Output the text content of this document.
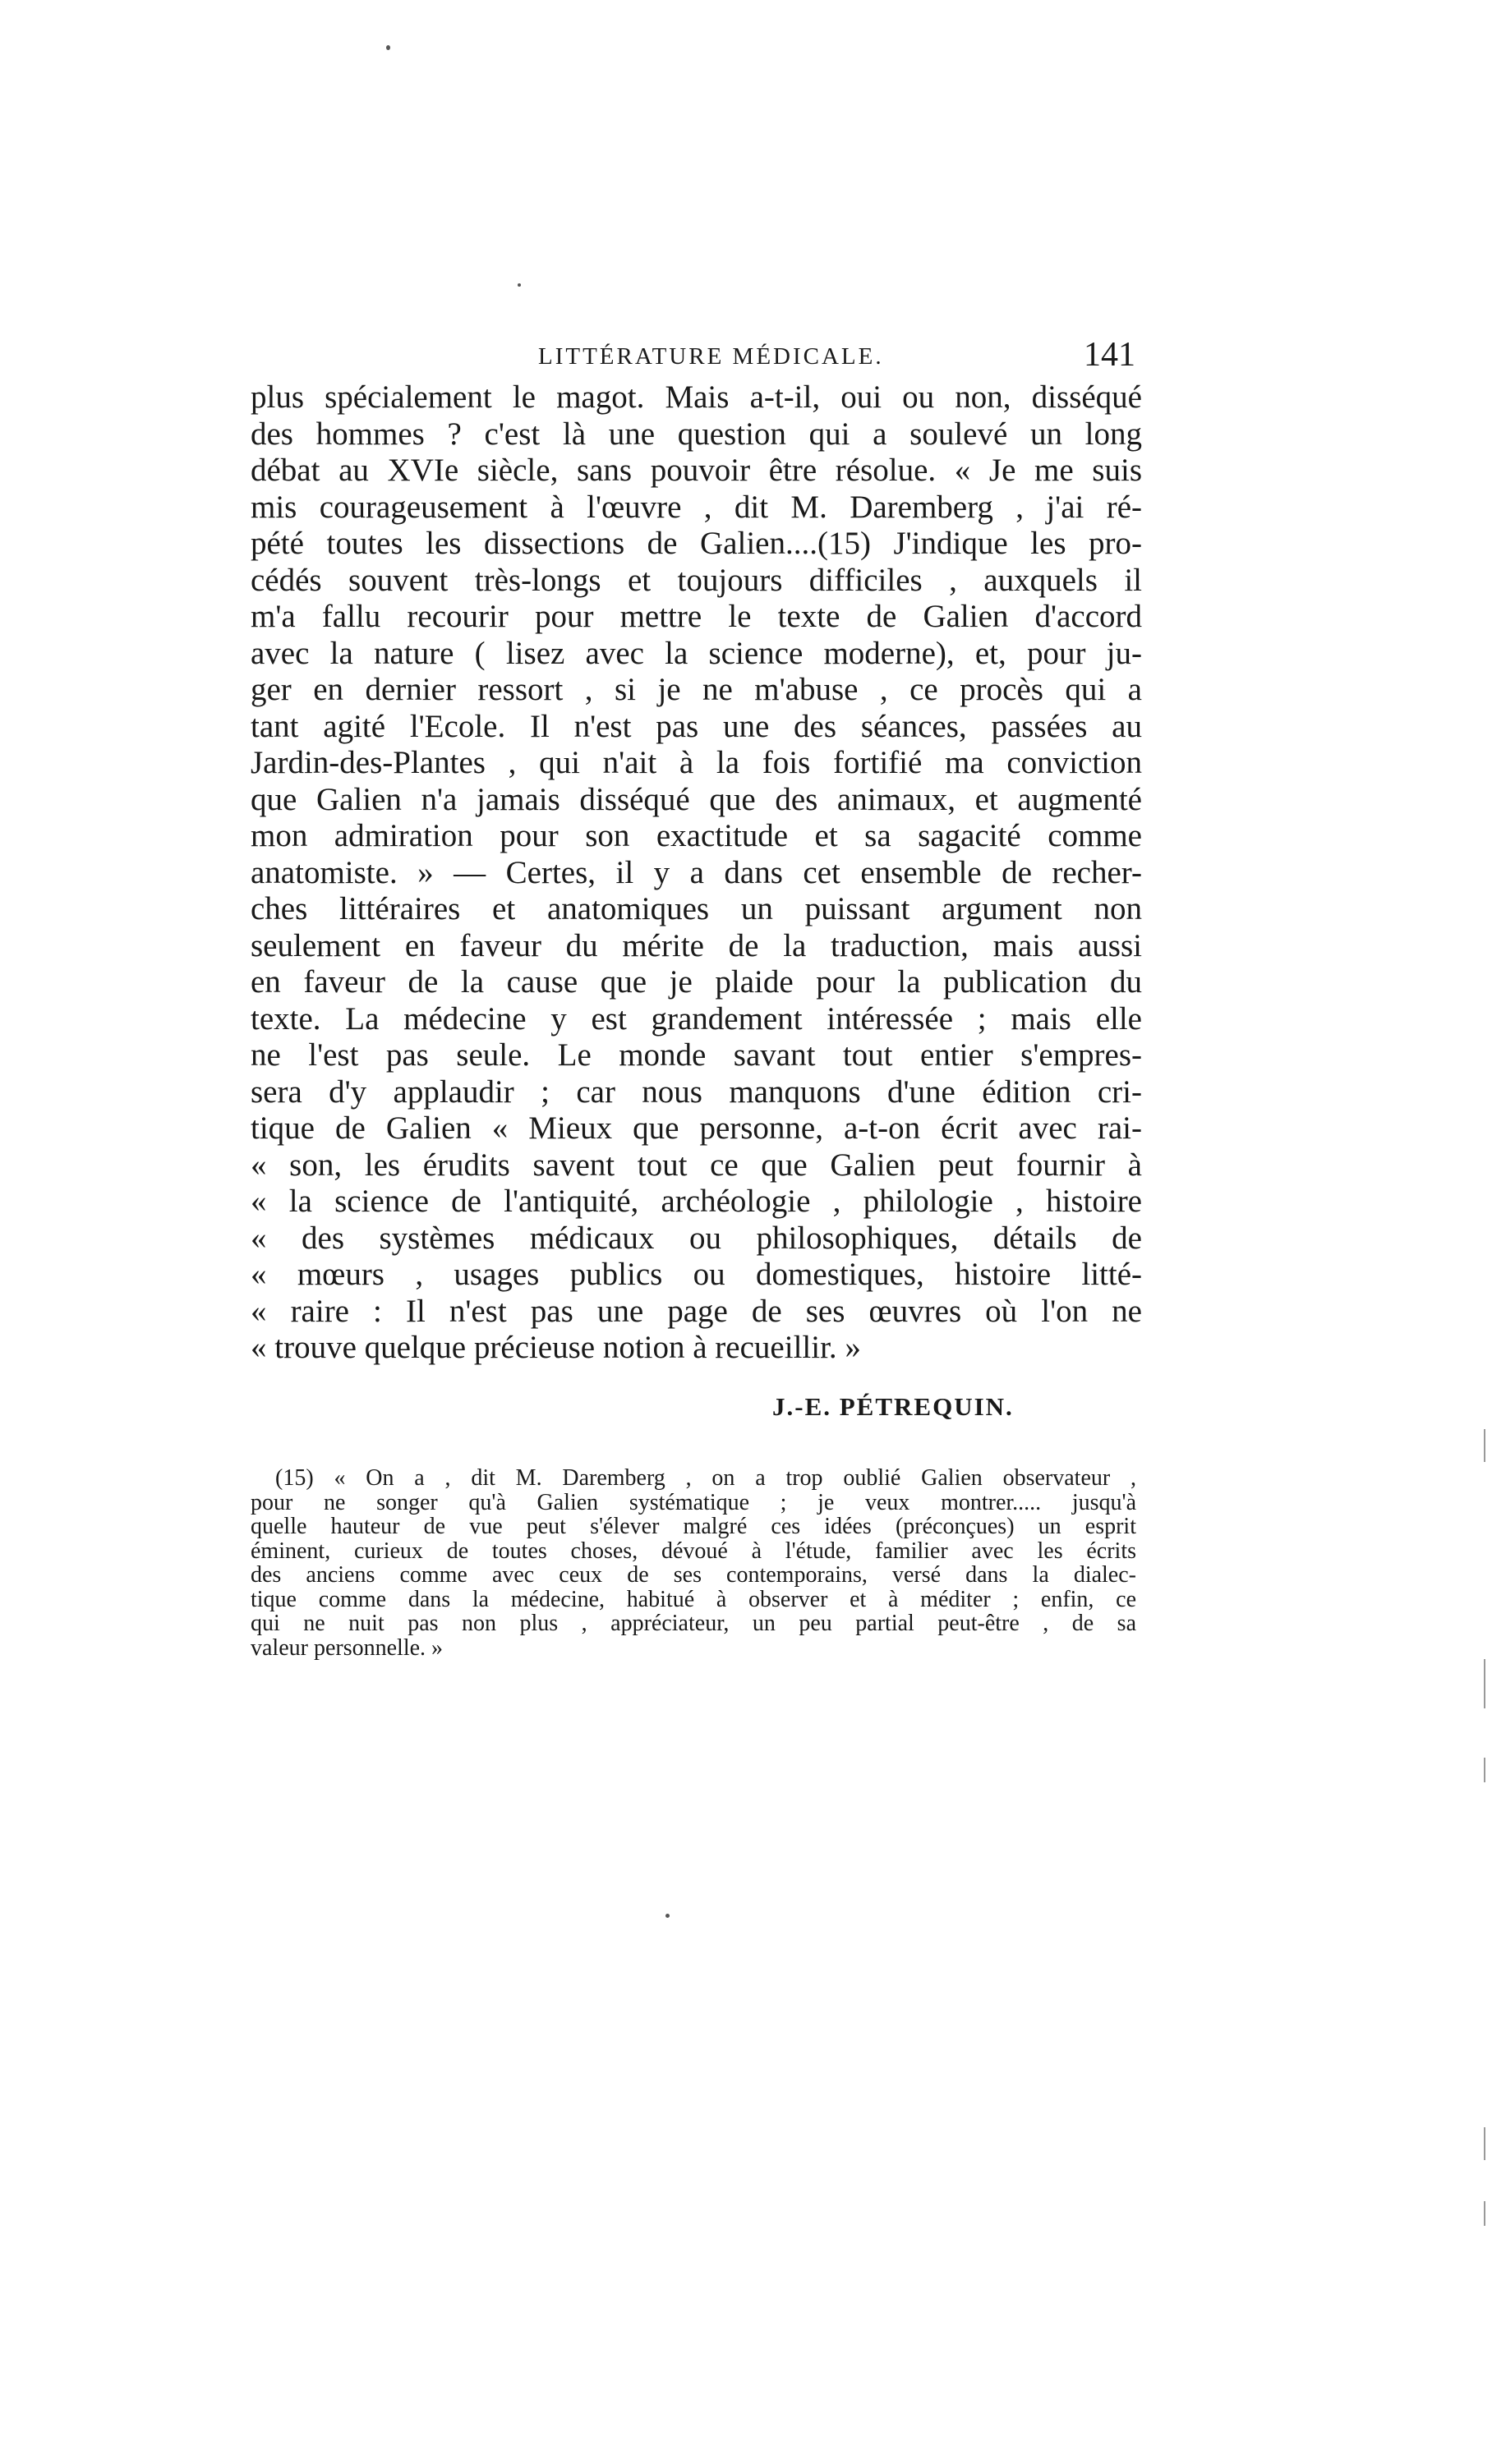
LITTÉRATURE MÉDICALE.	141
plus spécialement le magot. Mais a-t-il, oui ou non, disséqué
des hommes ? c'est là une question qui a soulevé un long
débat au XVIe siècle, sans pouvoir être résolue. « Je me suis
mis courageusement à l'œuvre , dit M. Daremberg , j'ai ré-
pété toutes les dissections de Galien....(15) J'indique les pro-
cédés souvent très-longs et toujours difficiles , auxquels il
m'a fallu recourir pour mettre le texte de Galien d'accord
avec la nature ( lisez avec la science moderne), et, pour ju-
ger en dernier ressort , si je ne m'abuse , ce procès qui a
tant agité l'Ecole. Il n'est pas une des séances, passées au
Jardin-des-Plantes , qui n'ait à la fois fortifié ma conviction
que Galien n'a jamais disséqué que des animaux, et augmenté
mon admiration pour son exactitude et sa sagacité comme
anatomiste. » — Certes, il y a dans cet ensemble de recher-
ches littéraires et anatomiques un puissant argument non
seulement en faveur du mérite de la traduction, mais aussi
en faveur de la cause que je plaide pour la publication du
texte. La médecine y est grandement intéressée ; mais elle
ne l'est pas seule. Le monde savant tout entier s'empres-
sera d'y applaudir ; car nous manquons d'une édition cri-
tique de Galien « Mieux que personne, a-t-on écrit avec rai-
« son, les érudits savent tout ce que Galien peut fournir à
« la science de l'antiquité, archéologie , philologie , histoire
« des systèmes médicaux ou philosophiques, détails de
« mœurs , usages publics ou domestiques, histoire litté-
« raire : Il n'est pas une page de ses œuvres où l'on ne
« trouve quelque précieuse notion à recueillir. »
J.-E. PÉTREQUIN.
(15) « On a , dit M. Daremberg , on a trop oublié Galien observateur ,
pour ne songer qu'à Galien systématique ; je veux montrer..... jusqu'à
quelle hauteur de vue peut s'élever malgré ces idées (préconçues) un esprit
éminent, curieux de toutes choses, dévoué à l'étude, familier avec les écrits
des anciens comme avec ceux de ses contemporains, versé dans la dialec-
tique comme dans la médecine, habitué à observer et à méditer ; enfin, ce
qui ne nuit pas non plus , appréciateur, un peu partial peut-être , de sa
valeur personnelle. »
